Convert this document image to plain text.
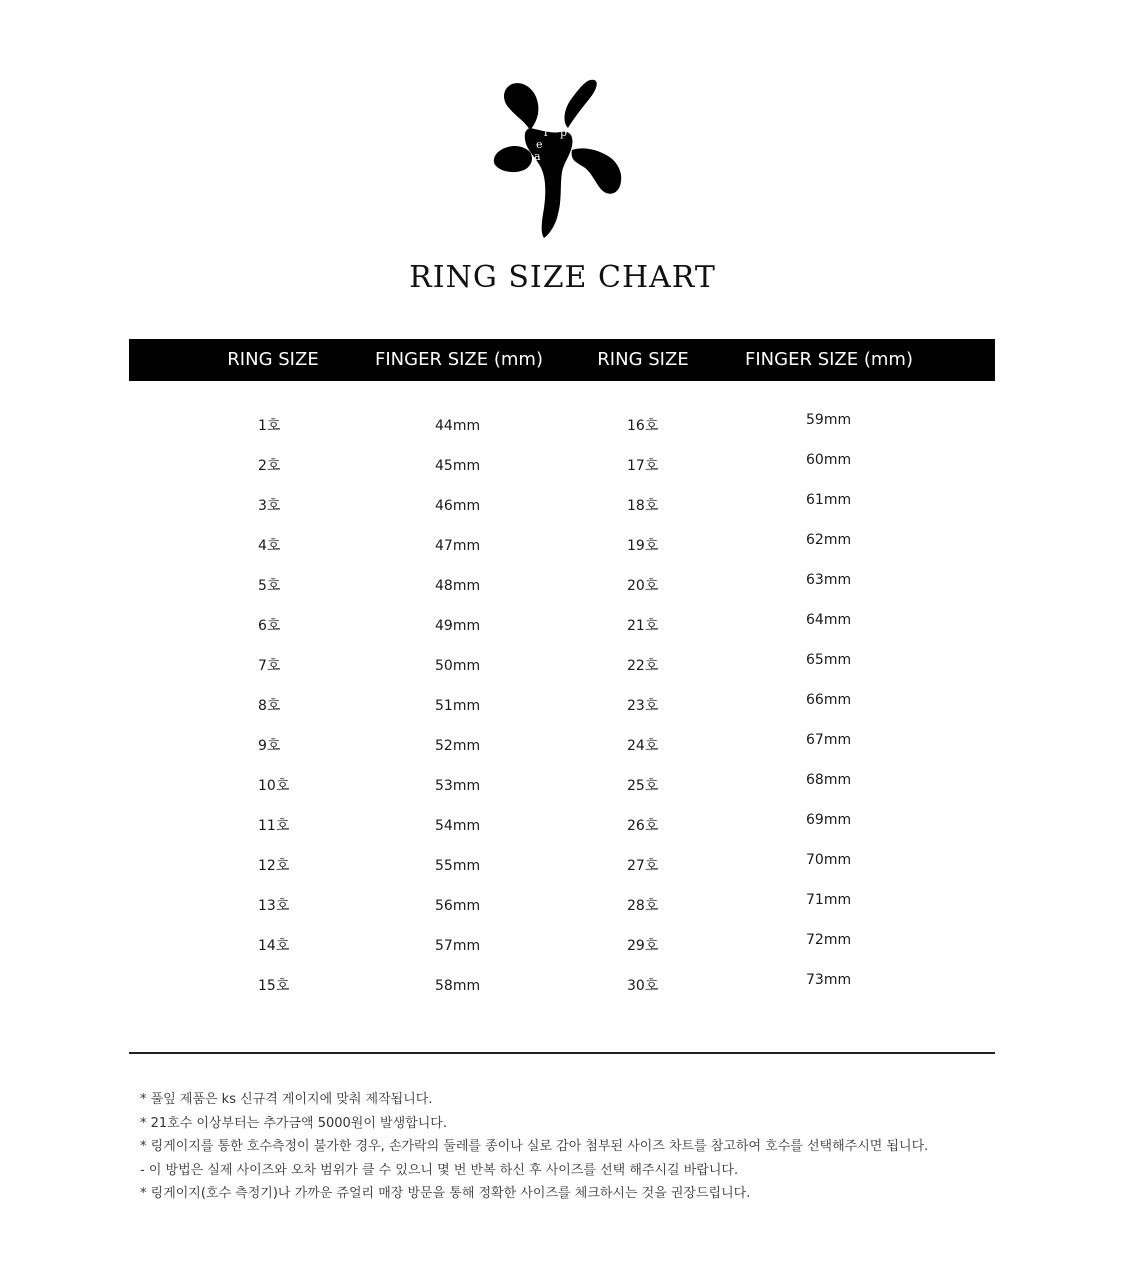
o
o
l p
e
a
RING SIZE CHART
RING SIZE	FINGER SIZE (mm)	RING SIZE	FINGER SIZE (mm)
1호	44mm	16호	59mm
2호	45mm	17호	60mm
3호	46mm	18호	61mm
4호	47mm	19호	62mm
5호	48mm	20호	63mm
6호	49mm	21호	64mm
7호	50mm	22호	65mm
8호	51mm	23호	66mm
9호	52mm	24호	67mm
10호	53mm	25호	68mm
11호	54mm	26호	69mm
12호	55mm	27호	70mm
13호	56mm	28호	71mm
14호	57mm	29호	72mm
15호	58mm	30호	73mm
* 풀잎 제품은 ks 신규격 게이지에 맞춰 제작됩니다.
* 21호수 이상부터는 추가금액 5000원이 발생합니다.
* 링게이지를 통한 호수측정이 불가한 경우, 손가락의 둘레를 종이나 실로 감아 첨부된 사이즈 차트를 참고하여 호수를 선택해주시면 됩니다.
- 이 방법은 실제 사이즈와 오차 범위가 클 수 있으니 몇 번 반복 하신 후 사이즈를 선택 해주시길 바랍니다.
* 링게이지(호수 측정기)나 가까운 쥬얼리 매장 방문을 통해 정확한 사이즈를 체크하시는 것을 권장드립니다.
